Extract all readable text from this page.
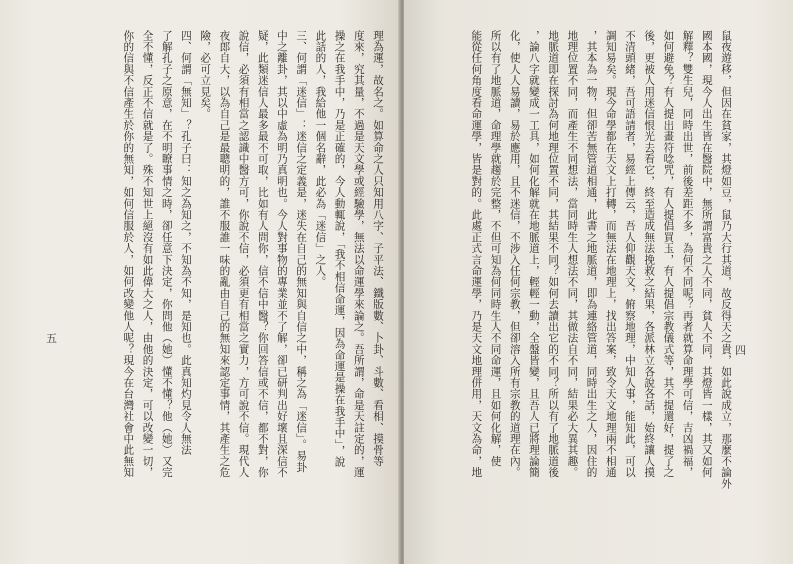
理為運，故名之。如算命之人只知用八字、子平法、鐵版數、卜卦、斗數、看相、摸骨等
度來，究其量，不過是天文學或經驗學，無法以命運學來論之。吾所謂，命是天註定的，運
操之在我手中，乃是正確的，今人動輒說，「我不相信命運，因為命運是操在我手中」，說
此話的人，我給他一個名辭，此必為「迷信」之人。
三、何謂「迷信」：迷信之定義是，迷失在自己的無知與自信之中，稱之為「迷信」。易卦
中之離卦，其以中虛為明乃真明也。今人對事物的專業並不了解，卻已研判出好壞且深信不
疑，此類迷信人最多最不可取，比如有人問你，信不信中醫？你回答信或不信，都不對，你
說信，必須有相當之認識中醫方可，你說不信，必須更有相當之實力，方可說不信。現代人
夜郎自大，以為自己是最聰明的，誰不服誰一味的亂由自己的無知來認定事情，其產生之危
險，必可立見矣。
四、何謂「無知」？孔子曰：知之為知之，不知為不知，是知也。此真知灼見令人無法
了解孔子之原意，在不明瞭事情之時，卻任意下決定，你問他（她）懂不懂？他（她）又完
全不懂，反正不信就是了。殊不知世上絕沒有如此偉大之人，由他的決定，可以改變一切，
你的信與不信產生於你的無知，如何信服於人，如何改變他人呢？現今在台灣社會中此無知	鼠夜遊移，但因在貧家，其燈如豆，鼠乃大行其道，故反得天之貴，如此說成立，那麼不論外
國本國，現今人出生皆在醫院中，無所謂富貴之人不同，貧人不同，其燈皆一樣，其又如何
解釋？雙生兒，同時出世，前後差距不多，為何不同呢？再者就算命理學可信，吉凶禍福，
如何避免？有人提出畫符唸咒，有人提倡買玉，有人提倡宗教儀式等，其不提還好，提了之
後，更被人用迷信恨光去看它，終至造成無法挽救之結果，各派林立各說各話，始終讓人摸
不清頭緒，吾可語請者，易經上傳云，吾人仰觀天文，俯察地理，中知人事，能知此，可以
調知易矣。現今命學都在天文上打轉，而無法在地理上，找出答案，致令天文地理兩不相通
，其本為一物，但卻苦無管道相通，此書之地脈道，即為連絡管道，同時出生之人，因住的
地理位置不同，而產生不同想法，當同時生人想法不同，其做法自不同，結果必大異其趣。
地脈道即在探討為何地理位置不同，其結果不同？如何去讀出它的不同？所以有了地脈道後
，論八字就變成一工具，如何化解就在地脈道上，輕輕一動，全盤皆變，且吾人已將理論簡
化，使人人易讀，易於應用，且不迷信，不涉入任何宗教，但卻溶入所有宗教的道理在內。
所以有了地脈道，命理學就趨於完整，不但可知為何同時生人不同命運，且如何化解，使
能從任何角度看命運學，皆是對的。此處正式言命運學，乃是天文地理併用，天文為命，地
五
四
